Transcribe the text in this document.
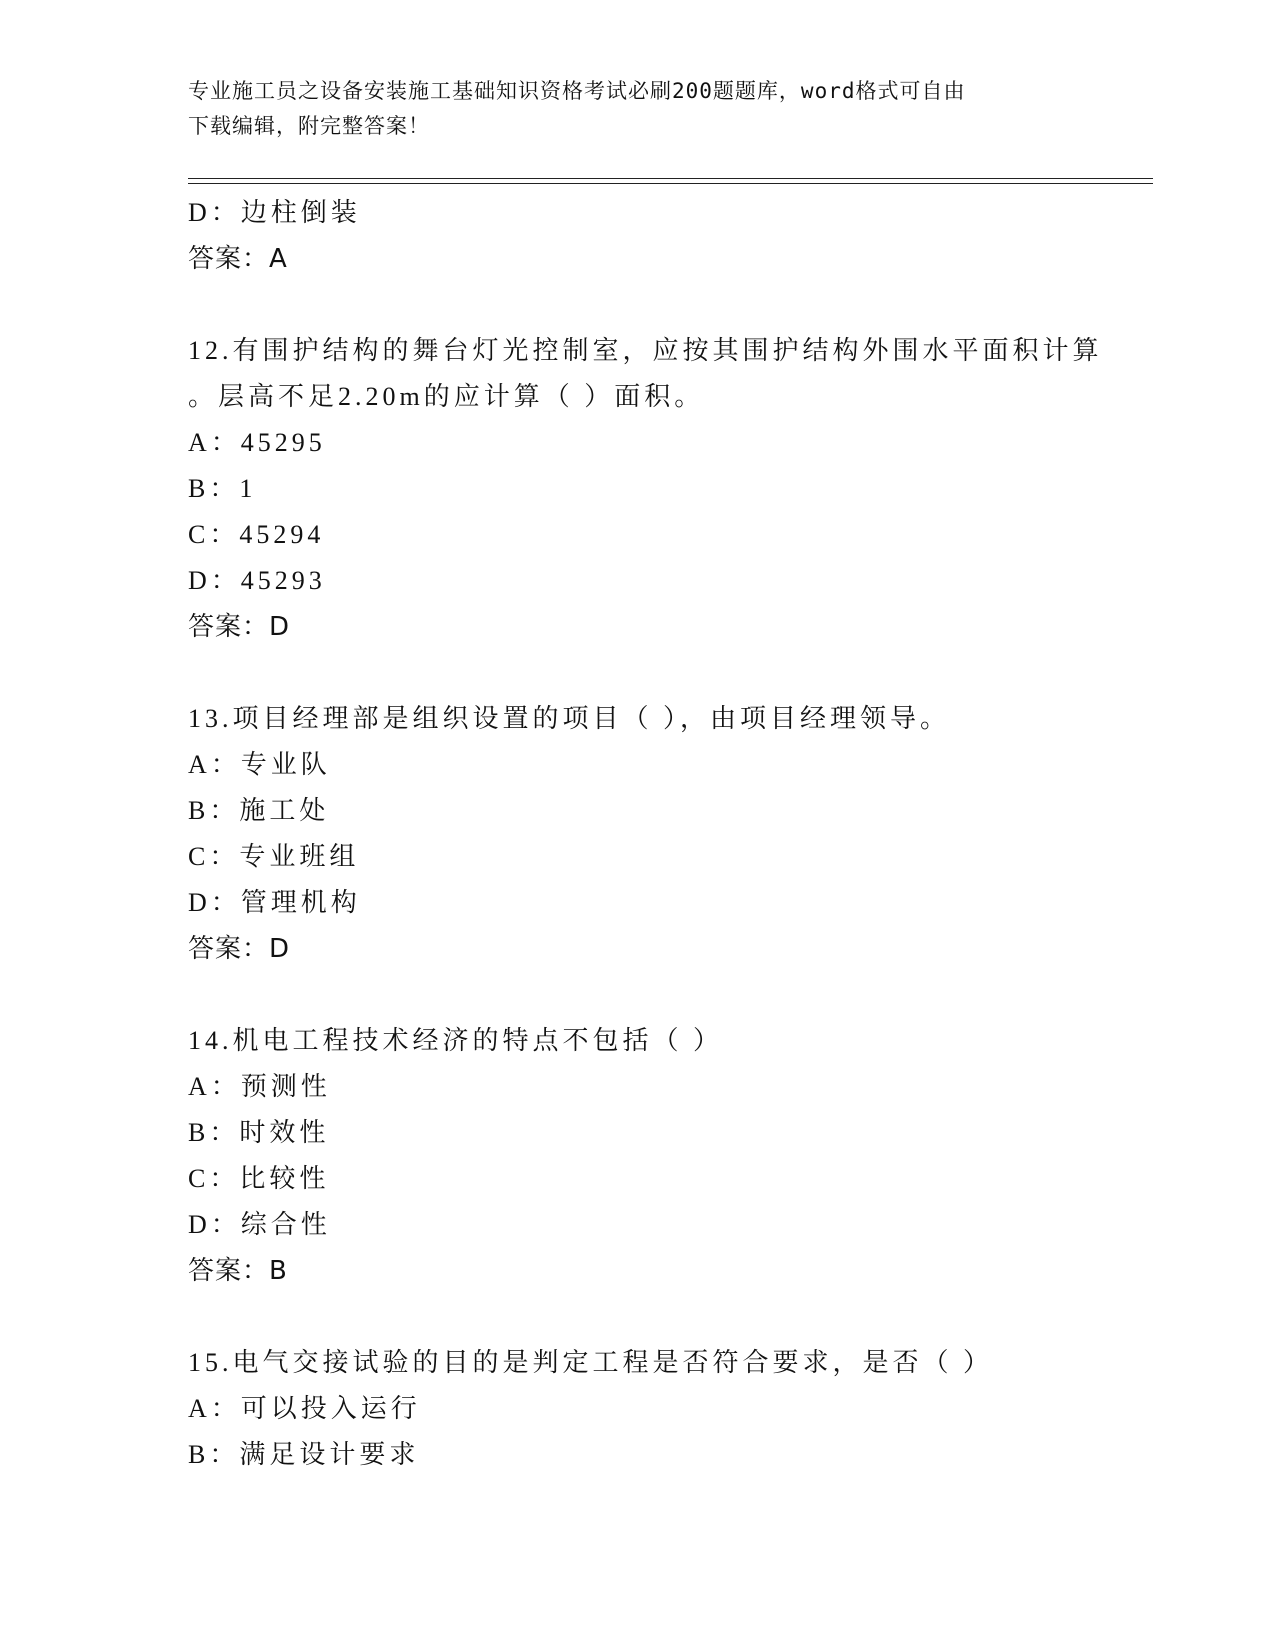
专业施工员之设备安装施工基础知识资格考试必刷200题题库，word格式可自由
下载编辑，附完整答案！
D：边柱倒装
答案：A
12.有围护结构的舞台灯光控制室，应按其围护结构外围水平面积计算
。层高不足2.20m的应计算（ ）面积。
A：45295
B：1
C：45294
D：45293
答案：D
13.项目经理部是组织设置的项目（ ），由项目经理领导。
A：专业队
B：施工处
C：专业班组
D：管理机构
答案：D
14.机电工程技术经济的特点不包括（ ）
A：预测性
B：时效性
C：比较性
D：综合性
答案：B
15.电气交接试验的目的是判定工程是否符合要求，是否（ ）
A：可以投入运行
B：满足设计要求
